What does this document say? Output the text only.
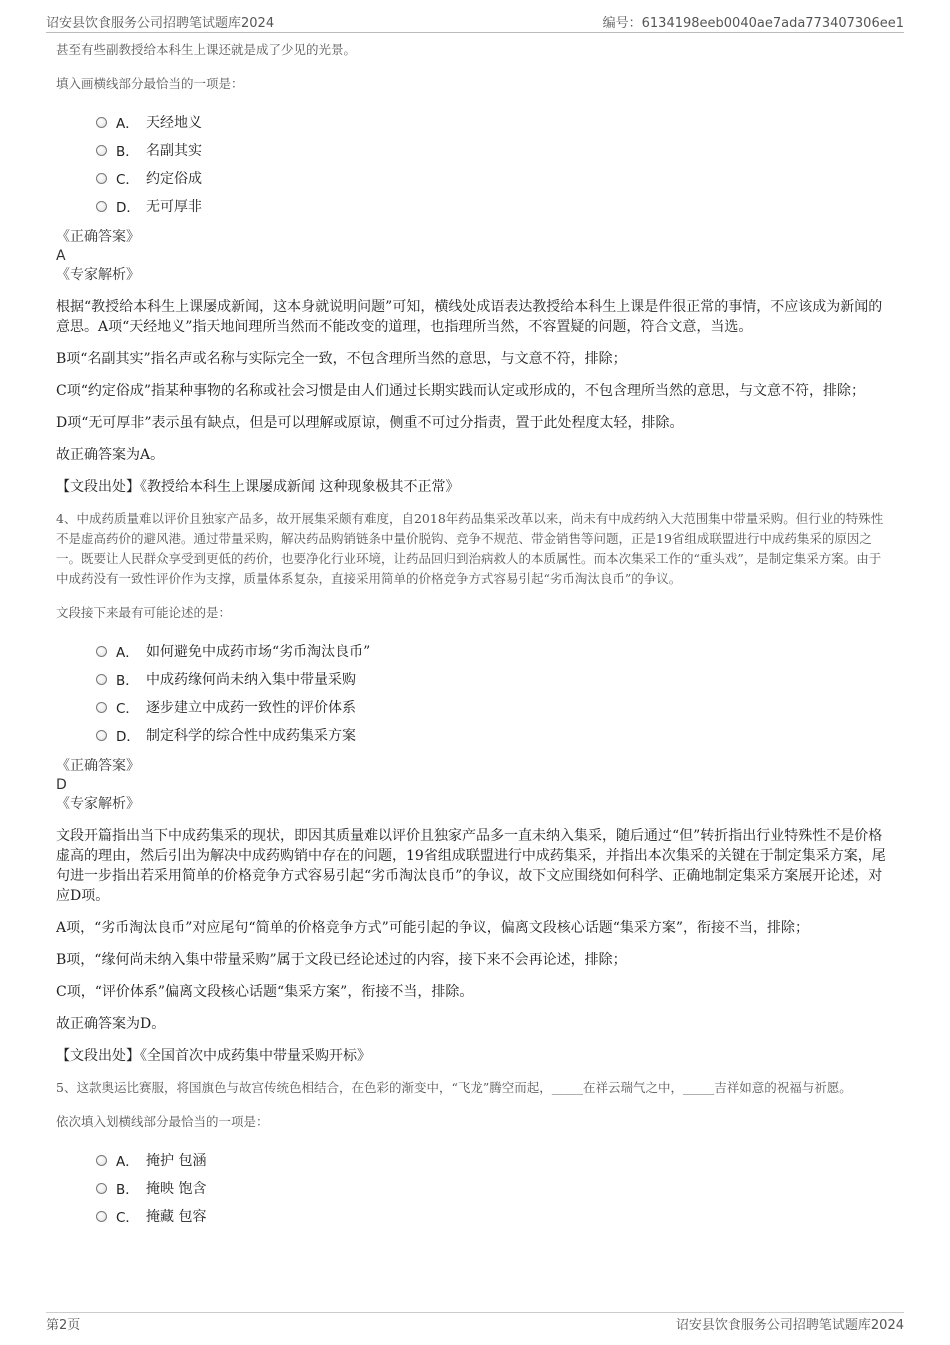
诏安县饮食服务公司招聘笔试题库2024	编号：6134198eeb0040ae7ada773407306ee1
甚至有些副教授给本科生上课还就是成了少见的光景。
填入画横线部分最恰当的一项是：
A． 天经地义
B． 名副其实
C． 约定俗成
D． 无可厚非
《正确答案》
A
《专家解析》
根据“教授给本科生上课屡成新闻，这本身就说明问题”可知，横线处成语表达教授给本科生上课是件很正常的事情，不应该成为新闻的意思。A项“天经地义”指天地间理所当然而不能改变的道理，也指理所当然，不容置疑的问题，符合文意，当选。
B项“名副其实”指名声或名称与实际完全一致，不包含理所当然的意思，与文意不符，排除；
C项“约定俗成”指某种事物的名称或社会习惯是由人们通过长期实践而认定或形成的，不包含理所当然的意思，与文意不符，排除；
D项“无可厚非”表示虽有缺点，但是可以理解或原谅，侧重不可过分指责，置于此处程度太轻，排除。
故正确答案为A。
【文段出处】《教授给本科生上课屡成新闻 这种现象极其不正常》
4、中成药质量难以评价且独家产品多，故开展集采颇有难度，自2018年药品集采改革以来，尚未有中成药纳入大范围集中带量采购。但行业的特殊性不是虚高药价的避风港。通过带量采购，解决药品购销链条中量价脱钩、竞争不规范、带金销售等问题，正是19省组成联盟进行中成药集采的原因之一。既要让人民群众享受到更低的药价，也要净化行业环境，让药品回归到治病救人的本质属性。而本次集采工作的“重头戏”，是制定集采方案。由于中成药没有一致性评价作为支撑，质量体系复杂，直接采用简单的价格竞争方式容易引起“劣币淘汰良币”的争议。
文段接下来最有可能论述的是：
A． 如何避免中成药市场“劣币淘汰良币”
B． 中成药缘何尚未纳入集中带量采购
C． 逐步建立中成药一致性的评价体系
D． 制定科学的综合性中成药集采方案
《正确答案》
D
《专家解析》
文段开篇指出当下中成药集采的现状，即因其质量难以评价且独家产品多一直未纳入集采，随后通过“但”转折指出行业特殊性不是价格虚高的理由，然后引出为解决中成药购销中存在的问题，19省组成联盟进行中成药集采，并指出本次集采的关键在于制定集采方案，尾句进一步指出若采用简单的价格竞争方式容易引起“劣币淘汰良币”的争议，故下文应围绕如何科学、正确地制定集采方案展开论述，对应D项。
A项，“劣币淘汰良币”对应尾句“简单的价格竞争方式”可能引起的争议，偏离文段核心话题“集采方案”，衔接不当，排除；
B项，“缘何尚未纳入集中带量采购”属于文段已经论述过的内容，接下来不会再论述，排除；
C项，“评价体系”偏离文段核心话题“集采方案”，衔接不当，排除。
故正确答案为D。
【文段出处】《全国首次中成药集中带量采购开标》
5、这款奥运比赛服，将国旗色与故宫传统色相结合，在色彩的渐变中，“飞龙”腾空而起，_____在祥云瑞气之中，_____吉祥如意的祝福与祈愿。
依次填入划横线部分最恰当的一项是：
A． 掩护 包涵
B． 掩映 饱含
C． 掩藏 包容
第2页	诏安县饮食服务公司招聘笔试题库2024
